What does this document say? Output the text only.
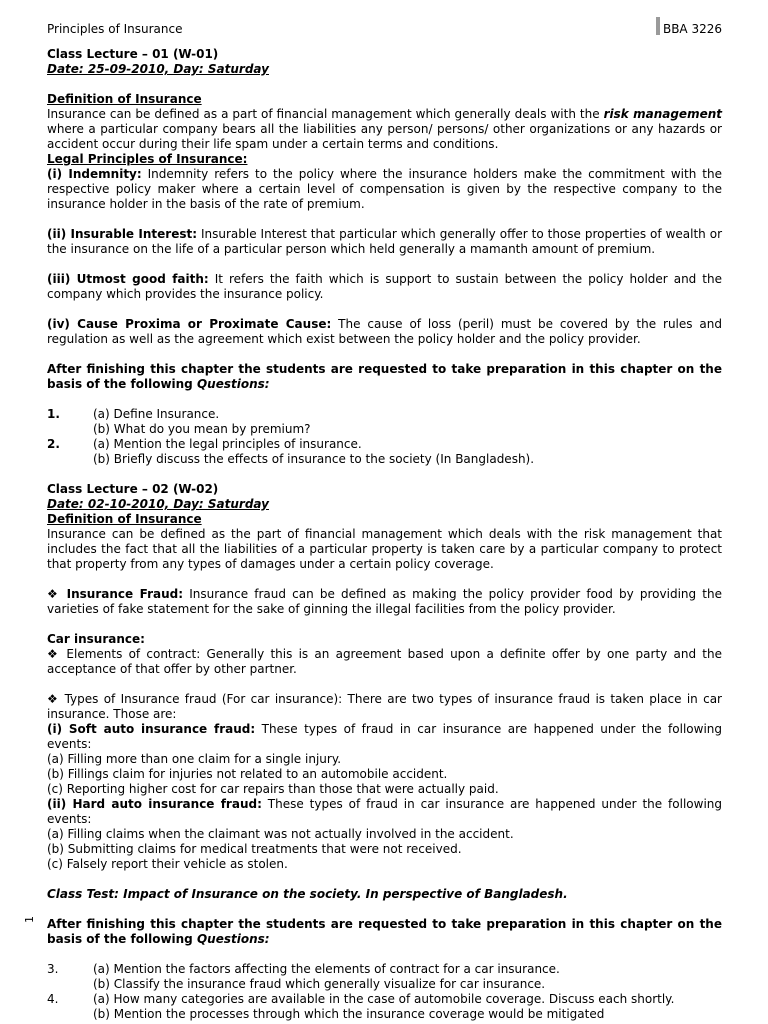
1
Principles of Insurance	BBA 3226

Class Lecture – 01 (W-01)

Date: 25-09-2010, Day: Saturday

Definition of Insurance

Insurance can be defined as a part of financial management which generally deals with the risk management where a particular company bears all the liabilities any person/ persons/ other organizations or any hazards or accident occur during their life spam under a certain terms and conditions.

Legal Principles of Insurance:

(i) Indemnity: Indemnity refers to the policy where the insurance holders make the commitment with the respective policy maker where a certain level of compensation is given by the respective company to the insurance holder in the basis of the rate of premium.

(ii) Insurable Interest: Insurable Interest that particular which generally offer to those properties of wealth or the insurance on the life of a particular person which held generally a mamanth amount of premium.

(iii) Utmost good faith: It refers the faith which is support to sustain between the policy holder and the company which provides the insurance policy.

(iv) Cause Proxima or Proximate Cause: The cause of loss (peril) must be covered by the rules and regulation as well as the agreement which exist between the policy holder and the policy provider.

After finishing this chapter the students are requested to take preparation in this chapter on the basis of the following Questions:

1.	(a) Define Insurance.
(b) What do you mean by premium?
2.	(a) Mention the legal principles of insurance.
(b) Briefly discuss the effects of insurance to the society (In Bangladesh).

Class Lecture – 02 (W-02)

Date: 02-10-2010, Day: Saturday

Definition of Insurance

Insurance can be defined as the part of financial management which deals with the risk management that includes the fact that all the liabilities of a particular property is taken care by a particular company to protect that property from any types of damages under a certain policy coverage.

❖ Insurance Fraud: Insurance fraud can be defined as making the policy provider food by providing the varieties of fake statement for the sake of ginning the illegal facilities from the policy provider.

Car insurance:

❖ Elements of contract: Generally this is an agreement based upon a definite offer by one party and the acceptance of that offer by other partner.

❖ Types of Insurance fraud (For car insurance): There are two types of insurance fraud is taken place in car insurance. Those are:

(i) Soft auto insurance fraud: These types of fraud in car insurance are happened under the following events:

(a) Filling more than one claim for a single injury.

(b) Fillings claim for injuries not related to an automobile accident.

(c) Reporting higher cost for car repairs than those that were actually paid.

(ii) Hard auto insurance fraud: These types of fraud in car insurance are happened under the following events:

(a) Filling claims when the claimant was not actually involved in the accident.

(b) Submitting claims for medical treatments that were not received.

(c) Falsely report their vehicle as stolen.

Class Test: Impact of Insurance on the society. In perspective of Bangladesh.

After finishing this chapter the students are requested to take preparation in this chapter on the basis of the following Questions:

3.	(a) Mention the factors affecting the elements of contract for a car insurance.
(b) Classify the insurance fraud which generally visualize for car insurance.
4.	(a) How many categories are available in the case of automobile coverage. Discuss each shortly.
(b) Mention the processes through which the insurance coverage would be mitigated
